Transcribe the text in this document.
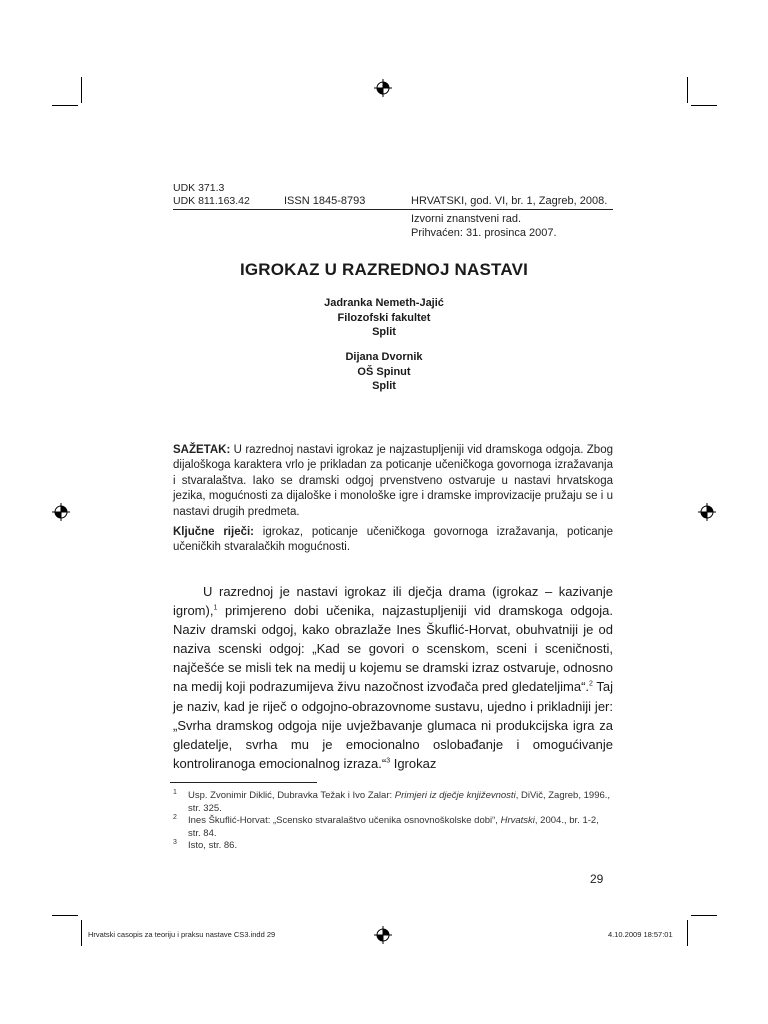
UDK 371.3
UDK 811.163.42	ISSN 1845-8793	HRVATSKI, god. VI, br. 1, Zagreb, 2008.
Izvorni znanstveni rad.
Prihvaćen: 31. prosinca 2007.
IGROKAZ U RAZREDNOJ NASTAVI
Jadranka Nemeth-Jajić
Filozofski fakultet
Split
Dijana Dvornik
OŠ Spinut
Split
SAŽETAK: U razrednoj nastavi igrokaz je najzastupljeniji vid dramskoga odgoja. Zbog dijaloškoga karaktera vrlo je prikladan za poticanje učeničkoga govornoga izražavanja i stvaralaštva. Iako se dramski odgoj prvenstveno ostvaruje u nastavi hrvatskoga jezika, mogućnosti za dijaloške i monološke igre i dramske improvizacije pružaju se i u nastavi drugih predmeta.
Ključne riječi: igrokaz, poticanje učeničkoga govornoga izražavanja, poticanje učeničkih stvaralačkih mogućnosti.

U razrednoj je nastavi igrokaz ili dječja drama (igrokaz – kazivanje igrom),$^1$ primjereno dobi učenika, najzastupljeniji vid dramskoga odgoja. Naziv dramski odgoj, kako obrazlaže Ines Škuflić-Horvat, obuhvatniji je od naziva scenski odgoj: „Kad se govori o scenskom, sceni i sceničnosti, najčešće se misli tek na medij u kojemu se dramski izraz ostvaruje, odnosno na medij koji podrazumijeva živu nazočnost izvođača pred gledateljima“.$^2$ Taj je naziv, kad je riječ o odgojno-obrazovnome sustavu, ujedno i prikladniji jer: „Svrha dramskog odgoja nije uvježbavanje glumaca ni produkcijska igra za gledatelje, svrha mu je emocionalno oslobađanje i omogućivanje kontroliranoga emocionalnog izraza.“$^3$ Igrokaz

1 Usp. Zvonimir Diklić, Dubravka Težak i Ivo Zalar: Primjeri iz dječje književnosti, DiVič, Zagreb, 1996., str. 325.
2 Ines Škuflić-Horvat: „Scensko stvaralaštvo učenika osnovnoškolske dobi“, Hrvatski, 2004., br. 1-2, str. 84.
3 Isto, str. 86.
29
Hrvatski casopis za teoriju i praksu nastave CS3.indd 29	4.10.2009 18:57:01
